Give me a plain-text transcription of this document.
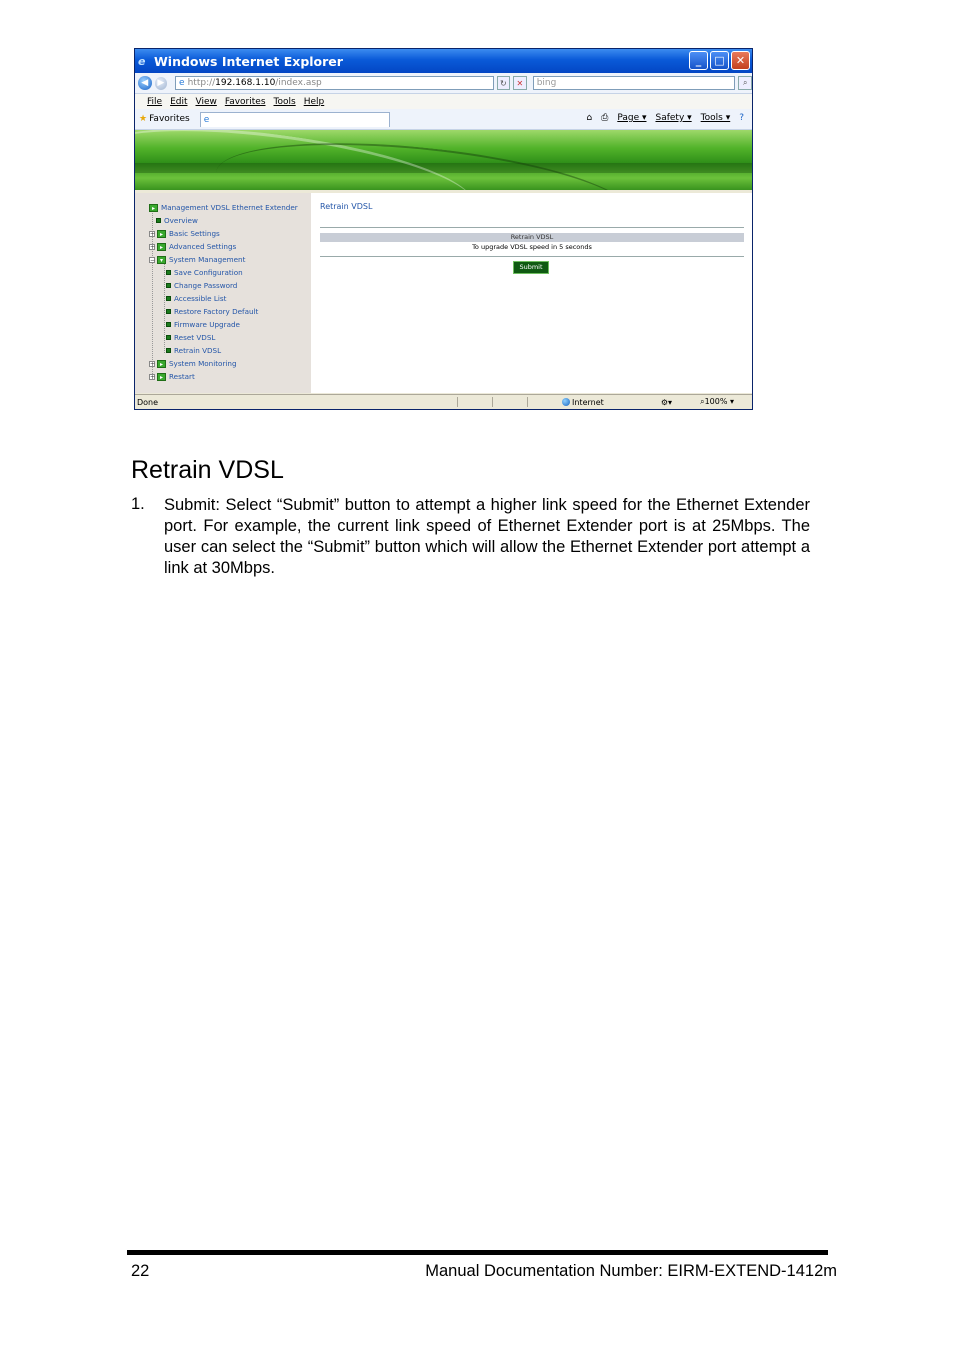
e Windows Internet Explorer	_	□	✕
◀	▶	e http:// 192.168.1.10 /index.asp	↻	✕	bing	⌕
File Edit View Favorites Tools Help
★ Favorites e	⌂ ⎙ Page ▾ Safety ▾ Tools ▾ ?
▸ Management VDSL Ethernet Extender
Overview
+ ▸ Basic Settings
+ ▸ Advanced Settings
− ▾ System Management
Save Configuration
Change Password
Accessible List
Restore Factory Default
Firmware Upgrade
Reset VDSL
Retrain VDSL
+ ▸ System Monitoring
+ ▸ Restart
Retrain VDSL
Retrain VDSL
To upgrade VDSL speed in 5 seconds
Submit
Done	Internet	⚙▾	⌕100% ▾
Retrain VDSL
1. Submit: Select “Submit” button to attempt a higher link speed for the Ethernet Extender port. For example, the current link speed of Ethernet Extender port is at 25Mbps. The user can select the “Submit” button which will allow the Ethernet Extender port attempt a link at 30Mbps.
22	Manual Documentation Number: EIRM-EXTEND-1412m
